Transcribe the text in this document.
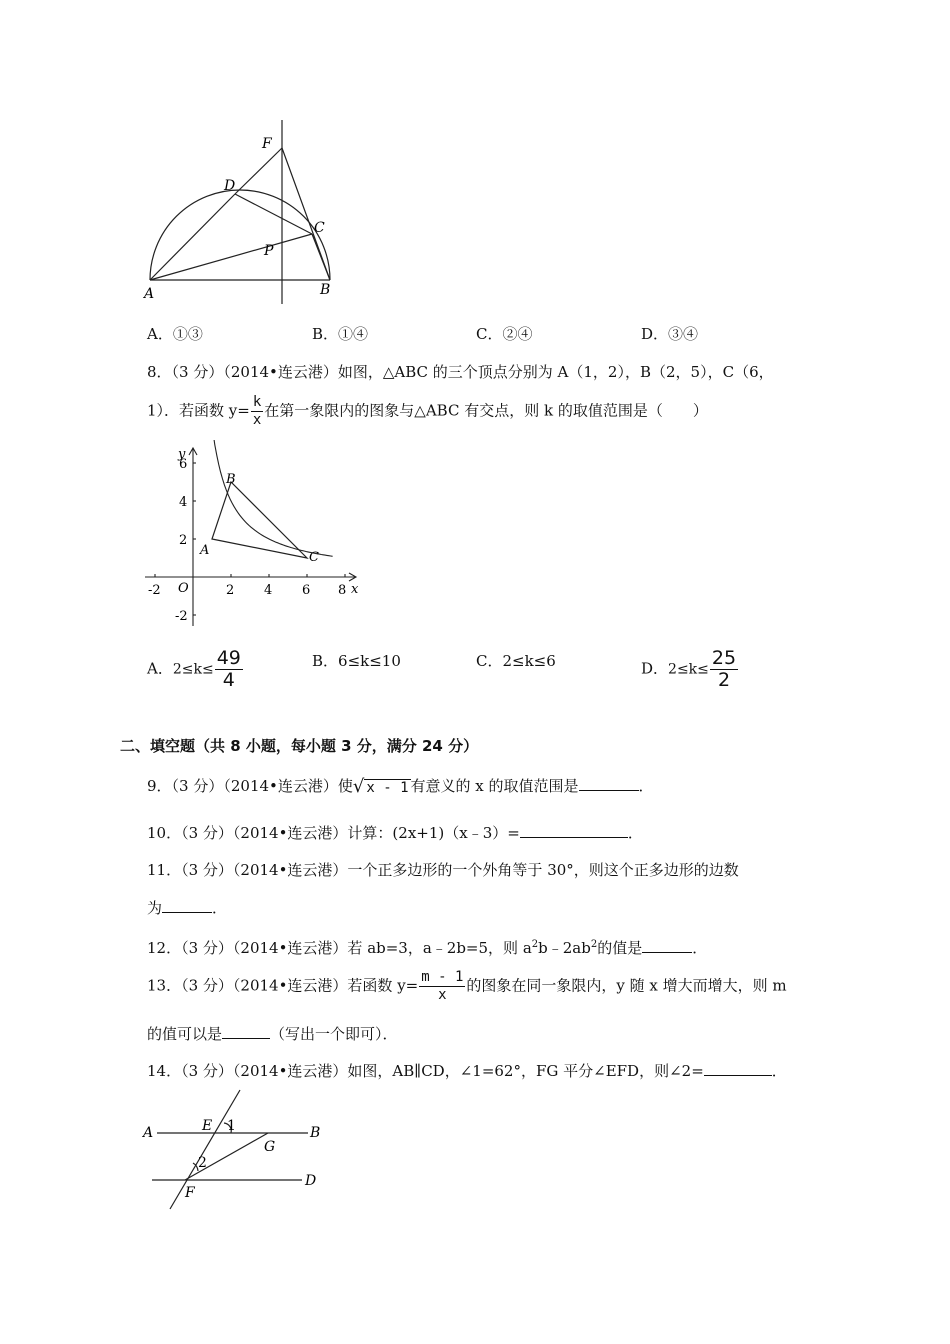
F
D
C
P
A	B
A．①③	B．①④	C．②④	D．③④
8．（3 分）（2014•连云港）如图，△ABC 的三个顶点分别为 A（1，2），B（2，5），C（6，
1）．若函数 $y= \frac{k}{x}$ 在第一象限内的图象与△ABC 有交点，则 k 的取值范围是（　　）
y
x
O
6
4
2
-2
-2	2 4 6 8
A
B
C
A．$2\le k\le \frac{49}{4}$	B．6≤k≤10	C．2≤k≤6	D．$2\le k\le \frac{25}{2}$
二、填空题（共 8 小题，每小题 3 分，满分 24 分）
9．（3 分）（2014•连云港）使√ x - 1 有意义的 x 的取值范围是	．
10．（3 分）（2014•连云港）计算：(2x+1)（x﹣3）=	．
11．（3 分）（2014•连云港）一个正多边形的一个外角等于 30°，则这个正多边形的边数
为	．
12．（3 分）（2014•连云港）若 ab=3，a﹣2b=5，则 $a^2b﹣2ab^2$的值是	．
13．（3 分）（2014•连云港）若函数 $y= \frac{m - 1}{x}$ 的图象在同一象限内，y 随 x 增大而增大，则 m
的值可以是	（写出一个即可）．
14．（3 分）（2014•连云港）如图，AB∥CD，∠1=62°，FG 平分∠EFD，则∠2=	．
A	E 1	B
G
2
F
D
